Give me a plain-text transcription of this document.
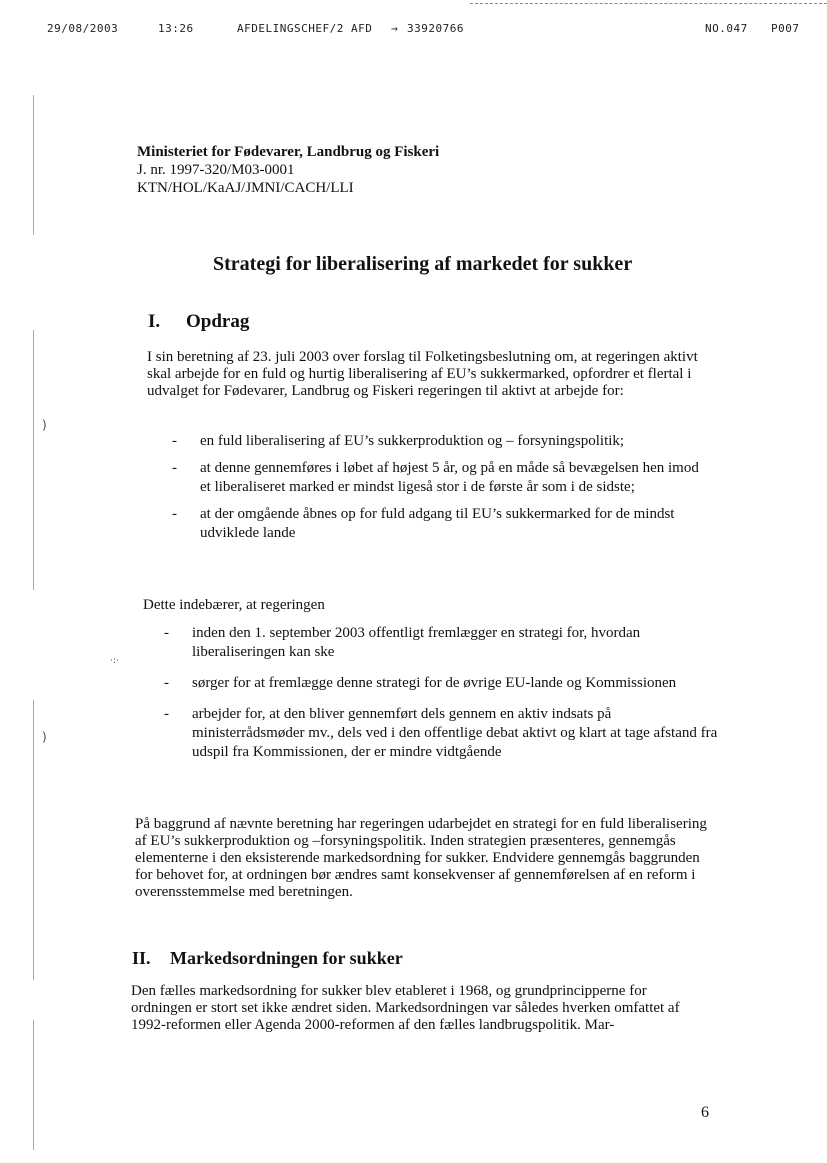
29/08/2003	13:26	AFDELINGSCHEF/2 AFD → 33920766	NO.047 P007
)
)
·:·
Ministeriet for Fødevarer, Landbrug og Fiskeri
J. nr. 1997-320/M03-0001
KTN/HOL/KaAJ/JMNI/CACH/LLI
Strategi for liberalisering af markedet for sukker
I. Opdrag
I sin beretning af 23. juli 2003 over forslag til Folketingsbeslutning om, at regeringen aktivt skal arbejde for en fuld og hurtig liberalisering af EU’s sukkermarked, opfordrer et flertal i udvalget for Fødevarer, Landbrug og Fiskeri regeringen til aktivt at arbejde for:
- en fuld liberalisering af EU’s sukkerproduktion og – forsyningspolitik;
- at denne gennemføres i løbet af højest 5 år, og på en måde så bevægelsen hen imod et liberaliseret marked er mindst ligeså stor i de første år som i de sidste;
- at der omgående åbnes op for fuld adgang til EU’s sukkermarked for de mindst udviklede lande
Dette indebærer, at regeringen
- inden den 1. september 2003 offentligt fremlægger en strategi for, hvordan liberaliseringen kan ske
- sørger for at fremlægge denne strategi for de øvrige EU-lande og Kommissionen
- arbejder for, at den bliver gennemført dels gennem en aktiv indsats på ministerrådsmøder mv., dels ved i den offentlige debat aktivt og klart at tage afstand fra udspil fra Kommissionen, der er mindre vidtgående
På baggrund af nævnte beretning har regeringen udarbejdet en strategi for en fuld liberalisering af EU’s sukkerproduktion og –forsyningspolitik. Inden strategien præsenteres, gennemgås elementerne i den eksisterende markedsordning for sukker. Endvidere gennemgås baggrunden for behovet for, at ordningen bør ændres samt konsekvenser af gennemførelsen af en reform i overensstemmelse med beretningen.
II. Markedsordningen for sukker
Den fælles markedsordning for sukker blev etableret i 1968, og grundprincipperne for ordningen er stort set ikke ændret siden. Markedsordningen var således hverken omfattet af 1992-reformen eller Agenda 2000-reformen af den fælles landbrugspolitik. Mar-
6
